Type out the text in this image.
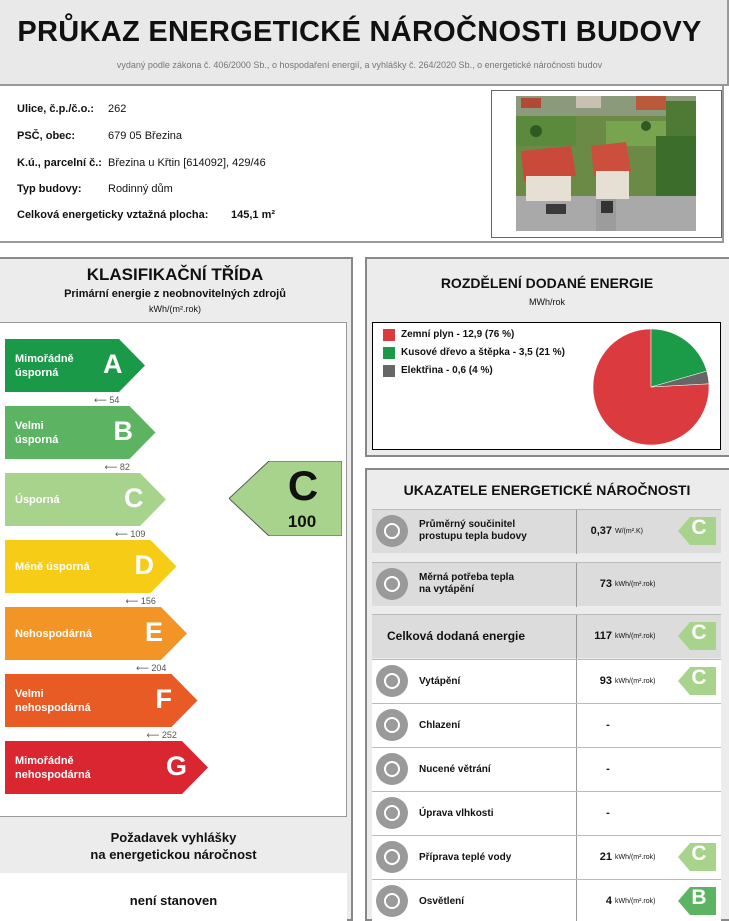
PRŮKAZ ENERGETICKÉ NÁROČNOSTI BUDOVY
vydaný podle zákona č. 406/2000 Sb., o hospodaření energií, a vyhlášky č. 264/2020 Sb., o energetické náročnosti budov
Ulice, č.p./č.o.: 262
PSČ, obec:	679 05 Březina
K.ú., parcelní č.: Březina u Křtin [614092], 429/46
Typ budovy: Rodinný dům
Celková energeticky vztažná plocha: 145,1 m²
KLASIFIKAČNÍ TŘÍDA
Primární energie z neobnovitelných zdrojů
kWh/(m².rok)
Mimořádně
úsporná	A
Velmi
úsporná B
Úsporná C
Méně úsporná D
Nehospodárná E
Velmi
nehospodárná F
Mimořádně
nehospodárná	G
⟵ 54
⟵ 82
⟵ 109
⟵ 156
⟵ 204
⟵ 252
C
100
Požadavek vyhlášky
na energetickou náročnost
není stanoven
ROZDĚLENÍ DODANÉ ENERGIE
MWh/rok
Zemní plyn - 12,9 (76 %)
Kusové dřevo a štěpka - 3,5 (21 %)
Elektřina - 0,6 (4 %)
UKAZATELE ENERGETICKÉ NÁROČNOSTI
Průměrný součinitel
prostupu tepla budovy	0,37 W/(m².K)	C
Měrná potřeba tepla
na vytápění	73 kWh/(m².rok)
Celková dodaná energie	117 kWh/(m².rok)	C
Vytápění	93 kWh/(m².rok)	C
Chlazení	-
Nucené větrání	-
Úprava vlhkosti	-
Příprava teplé vody	21 kWh/(m².rok)	C
Osvětlení	4 kWh/(m².rok)	B
